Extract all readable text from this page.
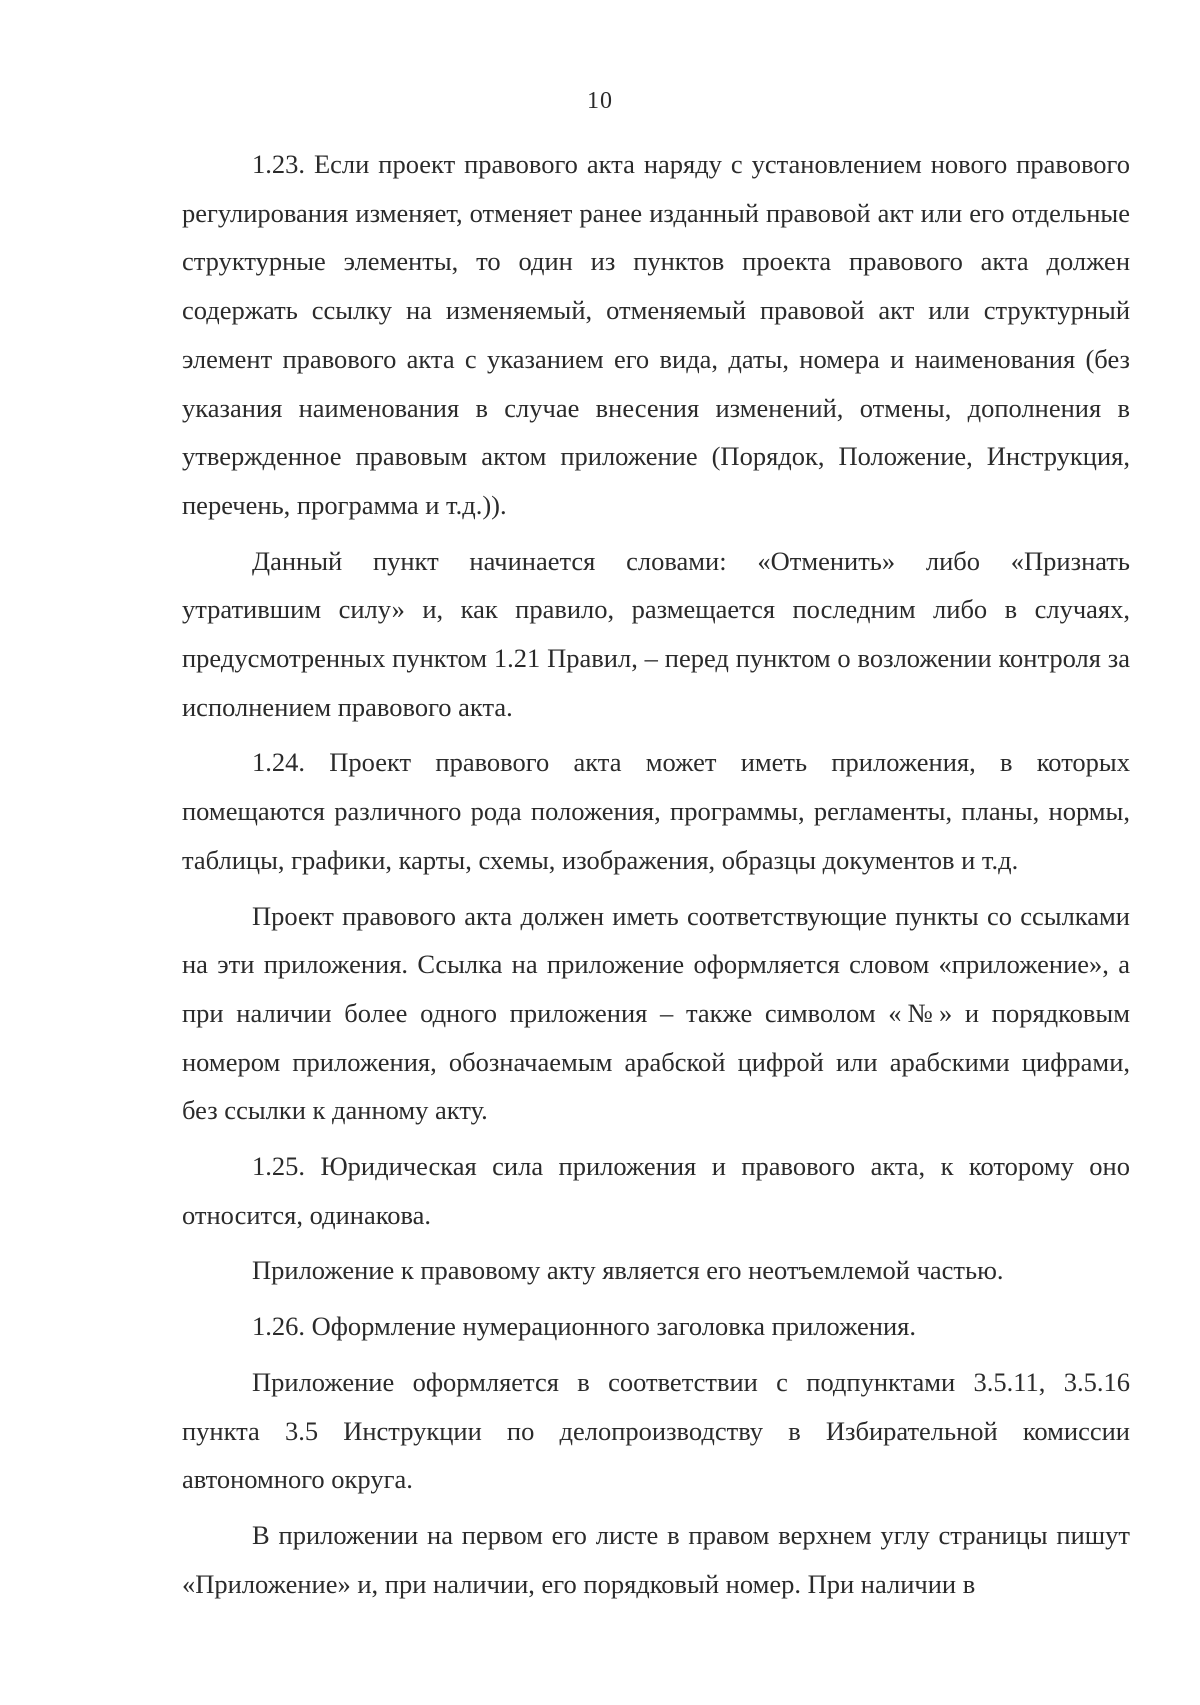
10

1.23. Если проект правового акта наряду с установлением нового правового регулирования изменяет, отменяет ранее изданный правовой акт или его отдельные структурные элементы, то один из пунктов проекта правового акта должен содержать ссылку на изменяемый, отменяемый правовой акт или структурный элемент правового акта с указанием его вида, даты, номера и наименования (без указания наименования в случае внесения изменений, отмены, дополнения в утвержденное правовым актом приложение (Порядок, Положение, Инструкция, перечень, программа и т.д.)).

Данный пункт начинается словами: «Отменить» либо «Признать утратившим силу» и, как правило, размещается последним либо в случаях, предусмотренных пунктом 1.21 Правил, – перед пунктом о возложении контроля за исполнением правового акта.

1.24. Проект правового акта может иметь приложения, в которых помещаются различного рода положения, программы, регламенты, планы, нормы, таблицы, графики, карты, схемы, изображения, образцы документов и т.д.

Проект правового акта должен иметь соответствующие пункты со ссылками на эти приложения. Ссылка на приложение оформляется словом «приложение», а при наличии более одного приложения – также символом «№» и порядковым номером приложения, обозначаемым арабской цифрой или арабскими цифрами, без ссылки к данному акту.

1.25. Юридическая сила приложения и правового акта, к которому оно относится, одинакова.

Приложение к правовому акту является его неотъемлемой частью.

1.26. Оформление нумерационного заголовка приложения.

Приложение оформляется в соответствии с подпунктами 3.5.11, 3.5.16 пункта 3.5 Инструкции по делопроизводству в Избирательной комиссии автономного округа.

В приложении на первом его листе в правом верхнем углу страницы пишут «Приложение» и, при наличии, его порядковый номер. При наличии в
